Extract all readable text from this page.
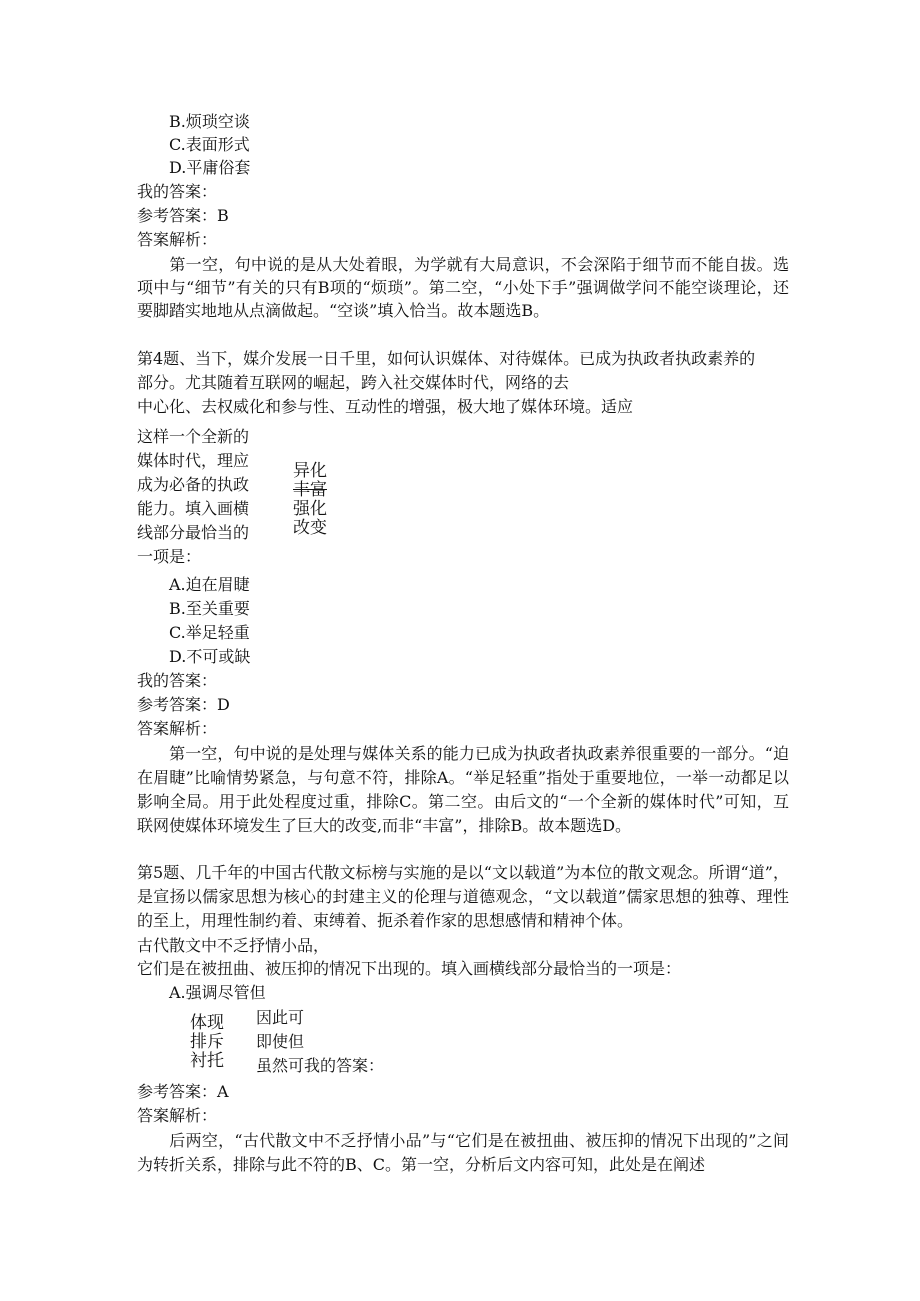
B.烦琐空谈
C.表面形式
D.平庸俗套
我的答案：
参考答案：B
答案解析：
第一空，句中说的是从大处着眼，为学就有大局意识，不会深陷于细节而不能自拔。选项中与“细节”有关的只有B项的“烦琐”。第二空，“小处下手”强调做学问不能空谈理论，还要脚踏实地地从点滴做起。“空谈”填入恰当。故本题选B。
第4题、当下，媒介发展一日千里，如何认识媒体、对待媒体。已成为执政者执政素养的
部分。尤其随着互联网的崛起，跨入社交媒体时代，网络的去
中心化、去权威化和参与性、互动性的增强，极大地了媒体环境。适应
这样一个全新的
媒体时代，理应
成为必备的执政
能力。填入画横
线部分最恰当的
一项是：
异化
丰富
强化
改变
A.迫在眉睫
B.至关重要
C.举足轻重
D.不可或缺
我的答案：
参考答案：D
答案解析：
第一空，句中说的是处理与媒体关系的能力已成为执政者执政素养很重要的一部分。“迫在眉睫”比喻情势紧急，与句意不符，排除A。“举足轻重”指处于重要地位，一举一动都足以影响全局。用于此处程度过重，排除C。第二空。由后文的“一个全新的媒体时代”可知，互联网使媒体环境发生了巨大的改变,而非“丰富”，排除B。故本题选D。
第5题、几千年的中国古代散文标榜与实施的是以“文以载道”为本位的散文观念。所谓“道”，是宣扬以儒家思想为核心的封建主义的伦理与道德观念，“文以载道”儒家思想的独尊、理性的至上，用理性制约着、束缚着、扼杀着作家的思想感情和精神个体。
古代散文中不乏抒情小品，
它们是在被扭曲、被压抑的情况下出现的。填入画横线部分最恰当的一项是：
A.强调尽管但
体现
排斥
衬托
因此可
即使但
虽然可我的答案：
参考答案：A
答案解析：
后两空，“古代散文中不乏抒情小品”与“它们是在被扭曲、被压抑的情况下出现的”之间为转折关系，排除与此不符的B、C。第一空，分析后文内容可知，此处是在阐述
